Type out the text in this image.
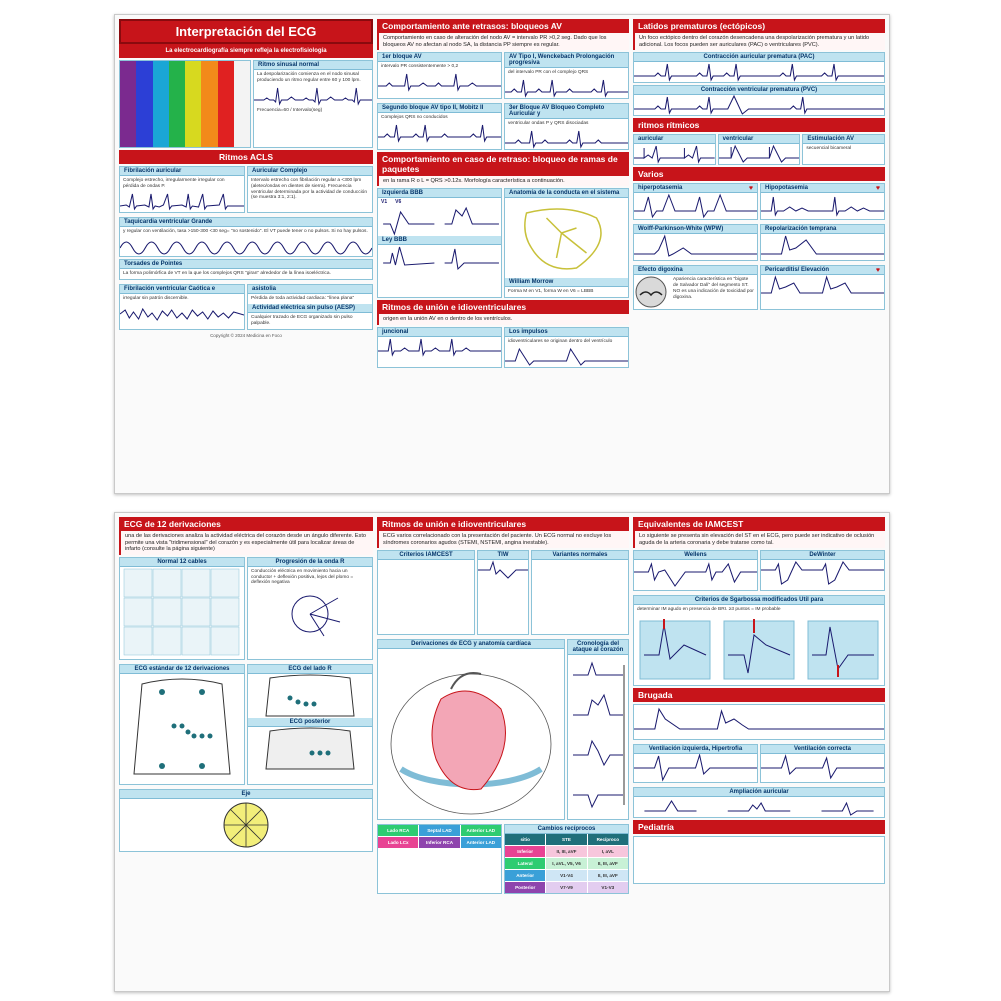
Interpretación del ECG
La electrocardiografía siempre refleja la electrofisiología
Ritmo sinusal normal
La despolarización comienza en el nodo sinusal produciendo un ritmo regular entre 60 y 100 lpm.
Frecuencia=60 / Intervalo(seg)
Ritmos ACLS
Fibrilación auricular
Complejo estrecho, irregularmente irregular con pérdida de ondas P.
Auricular Complejo
Intervalo estrecho con fibrilación regular a <300 lpm (aleteo/ondas en dientes de sierra). Frecuencia ventricular determinada por la actividad de conducción (se muestra 3:1, 2:1).
Taquicardia ventricular Grande
y regular con ventilación, tasa >150-300 <30 seg= "no sostenido". El VT puede tener o no pulsos. Si no hay pulsos.
Torsades de Pointes
La forma polimórfica de VT en la que los complejos QRS "giran" alrededor de la línea isoeléctrica.
Fibrilación ventricular Caótica e
irregular sin patrón discernible.
asistolia
Pérdida de toda actividad cardiaca: "línea plana"
Actividad eléctrica sin pulso (AESP)
Cualquier trazado de ECG organizado sin pulso palpable.
Copyright © 2024 Medicina en Foco
Comportamiento ante retrasos: bloqueos AV
Comportamiento en caso de alteración del nodo AV = intervalo PR >0,2 seg. Dado que los bloqueos AV no afectan al nodo SA, la distancia PP siempre es regular.
1er bloque AV
intervalo PR consistentemente > 0,2
AV Tipo I, Wenckebach Prolongación progresiva
del intervalo PR con el complejo QRS
Segundo bloque AV tipo II, Mobitz II
Complejos QRS no conducidos
3er Bloque AV Bloqueo Completo Auricular y
ventricular ondas P y QRS disociadas
Comportamiento en caso de retraso: bloqueo de ramas de paquetes
en la rama R o L = QRS >0.12s. Morfología característica a continuación.
Izquierda BBB
V1	V6
Ley BBB
Anatomía de la conducta en el sistema
William Morrow
Forma M en V1, forma W en V6 = LBBB
Ritmos de unión e idioventriculares
origen en la unión AV en o dentro de los ventrículos.
juncional	Los impulsos
idioventriculares se originan dentro del ventrículo
Latidos prematuros (ectópicos)
Un foco ectópico dentro del corazón desencadena una despolarización prematura y un latido adicional. Los focos pueden ser auriculares (PAC) o ventriculares (PVC).
Contracción auricular prematura (PAC)
Contracción ventricular prematura (PVC)
ritmos rítmicos
auricular	ventricular	Estimulación AV
secuencial bicameral
Varios
hiperpotasemia	♥	Hipopotasemia	♥
Wolff-Parkinson-White (WPW)	Repolarización temprana
Efecto digoxina
Apariencia característica en "bigote de Salvador Dalí" del segmento ST. NO es una indicación de toxicidad por digoxina.
Pericarditis/ Elevación	♥
ECG de 12 derivaciones
una de las derivaciones analiza la actividad eléctrica del corazón desde un ángulo diferente. Esto permite una vista "tridimensional" del corazón y es especialmente útil para localizar áreas de infarto (consulte la página siguiente)
Normal 12 cables	Progresión de la onda R
Conducción eléctrica en movimiento hacia un conductor + deflexión positiva, lejos del plomo = deflexión negativa
ECG estándar de 12 derivaciones	ECG del lado R
ECG posterior
Eje
Ritmos de unión e idioventriculares
ECG varios correlacionado con la presentación del paciente. Un ECG normal no excluye los síndromes coronarios agudos (STEMI, NSTEMI, angina inestable).
Criterios IAMCEST	TIW	Variantes normales
Derivaciones de ECG y anatomía cardíaca	Cronología del ataque al corazón
Lado RCA	Septal LAD	Anterior LAD
Lado LCx	Inferior RCA	Anterior LAD
Cambios recíprocos
sitio	STE	Recíproco
Inferior	II, III, aVF	I, aVL
Lateral	I, aVL, V5, V6	II, III, aVF
Anterior	V1-V4	II, III, aVF
Posterior	V7-V9	V1-V3
Equivalentes de IAMCEST
Lo siguiente se presenta sin elevación del ST en el ECG, pero puede ser indicativo de oclusión aguda de la arteria coronaria y debe tratarse como tal.
Wellens	DeWinter
Criterios de Sgarbossa modificados Útil para
determinar IM agudo en presencia de BRI. ≥3 puntos = IM probable
Brugada
Ventilación izquierda, Hipertrofia	Ventilación correcta
Ampliación auricular
Pediatría
